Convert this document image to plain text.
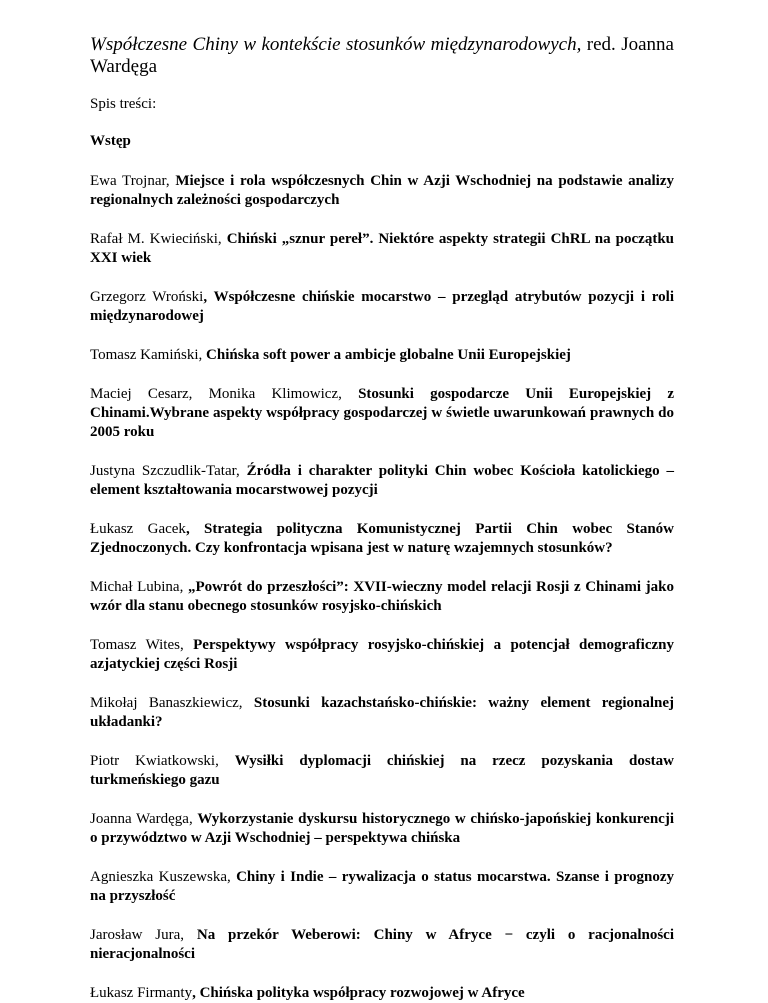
Współczesne Chiny w kontekście stosunków międzynarodowych, red. Joanna Wardęga

Spis treści:

Wstęp

Ewa Trojnar, Miejsce i rola współczesnych Chin w Azji Wschodniej na podstawie analizy regionalnych zależności gospodarczych

Rafał M. Kwieciński, Chiński „sznur pereł”. Niektóre aspekty strategii ChRL na początku XXI wiek

Grzegorz Wroński, Współczesne chińskie mocarstwo – przegląd atrybutów pozycji i roli międzynarodowej

Tomasz Kamiński, Chińska soft power a ambicje globalne Unii Europejskiej

Maciej Cesarz, Monika Klimowicz, Stosunki gospodarcze Unii Europejskiej z Chinami.Wybrane aspekty współpracy gospodarczej w świetle uwarunkowań prawnych do 2005 roku

Justyna Szczudlik-Tatar, Źródła i charakter polityki Chin wobec Kościoła katolickiego – element kształtowania mocarstwowej pozycji

Łukasz Gacek, Strategia polityczna Komunistycznej Partii Chin wobec Stanów Zjednoczonych. Czy konfrontacja wpisana jest w naturę wzajemnych stosunków?

Michał Lubina, „Powrót do przeszłości”: XVII-wieczny model relacji Rosji z Chinami jako wzór dla stanu obecnego stosunków rosyjsko-chińskich

Tomasz Wites, Perspektywy współpracy rosyjsko-chińskiej a potencjał demograficzny azjatyckiej części Rosji

Mikołaj Banaszkiewicz, Stosunki kazachstańsko-chińskie: ważny element regionalnej układanki?

Piotr Kwiatkowski, Wysiłki dyplomacji chińskiej na rzecz pozyskania dostaw turkmeńskiego gazu

Joanna Wardęga, Wykorzystanie dyskursu historycznego w chińsko-japońskiej konkurencji o przywództwo w Azji Wschodniej – perspektywa chińska

Agnieszka Kuszewska, Chiny i Indie – rywalizacja o status mocarstwa. Szanse i prognozy na przyszłość

Jarosław Jura, Na przekór Weberowi: Chiny w Afryce − czyli o racjonalności nieracjonalności

Łukasz Firmanty, Chińska polityka współpracy rozwojowej w Afryce
